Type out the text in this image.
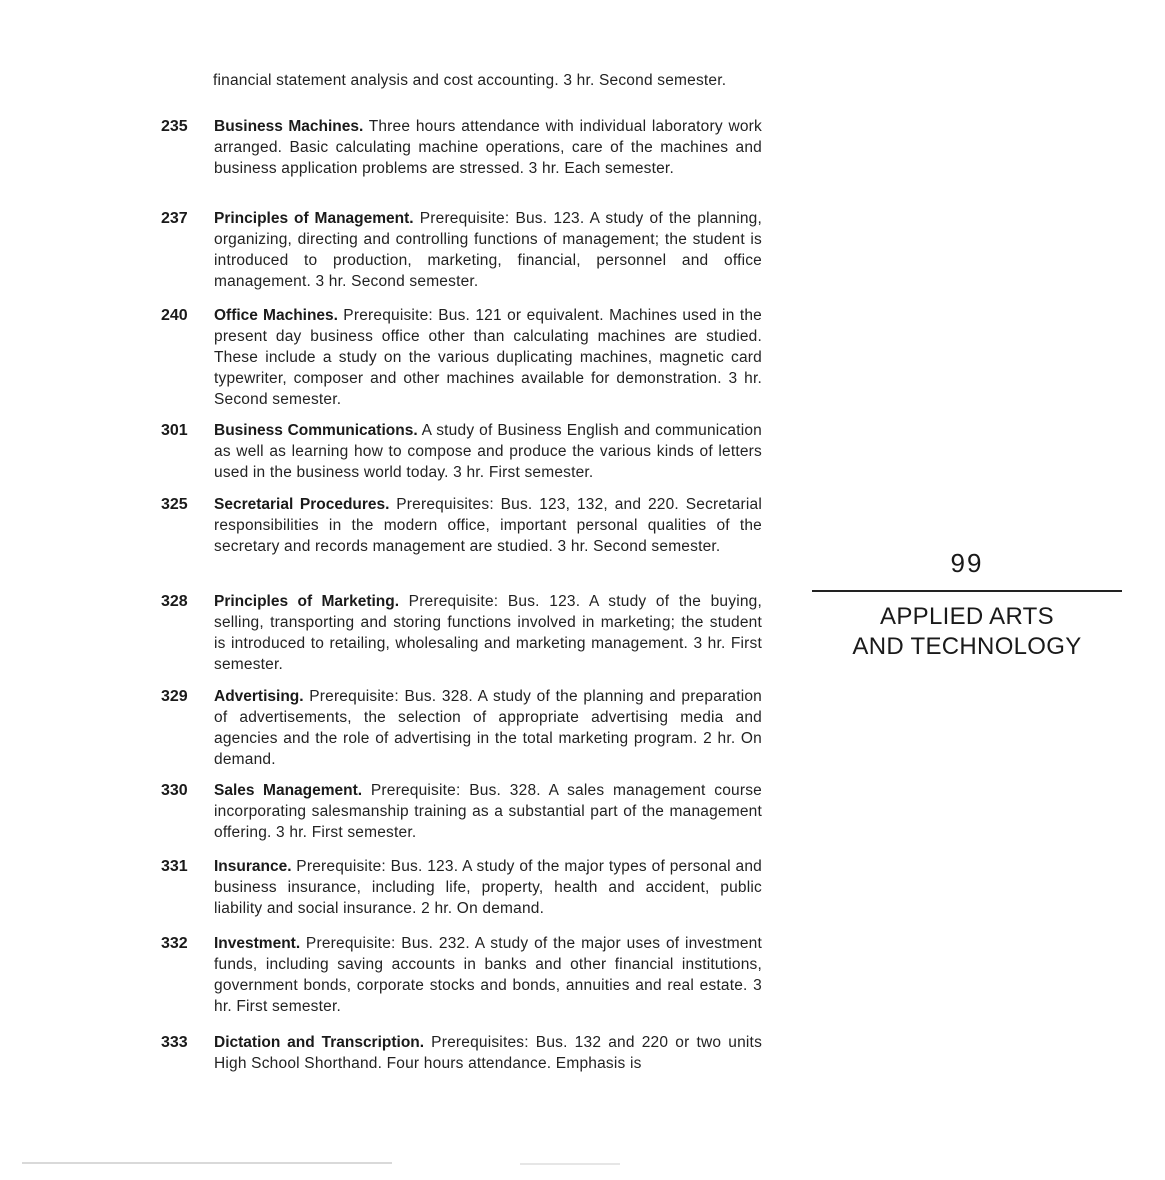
financial statement analysis and cost accounting. 3 hr. Second semester.
235	Business Machines. Three hours attendance with individual laboratory work arranged. Basic calculating machine operations, care of the machines and business application problems are stressed. 3 hr. Each semester.
237	Principles of Management. Prerequisite: Bus. 123. A study of the planning, organizing, directing and controlling functions of management; the student is introduced to production, marketing, financial, personnel and office management. 3 hr. Second semester.
240	Office Machines. Prerequisite: Bus. 121 or equivalent. Machines used in the present day business office other than calculating machines are studied. These include a study on the various duplicating machines, magnetic card typewriter, composer and other machines available for demonstration. 3 hr. Second semester.
301	Business Communications. A study of Business English and communication as well as learning how to compose and produce the various kinds of letters used in the business world today. 3 hr. First semester.
325	Secretarial Procedures. Prerequisites: Bus. 123, 132, and 220. Secretarial responsibilities in the modern office, important personal qualities of the secretary and records management are studied. 3 hr. Second semester.
328	Principles of Marketing. Prerequisite: Bus. 123. A study of the buying, selling, transporting and storing functions involved in marketing; the student is introduced to retailing, wholesaling and marketing management. 3 hr. First semester.
329	Advertising. Prerequisite: Bus. 328. A study of the planning and preparation of advertisements, the selection of appropriate advertising media and agencies and the role of advertising in the total marketing program. 2 hr. On demand.
330	Sales Management. Prerequisite: Bus. 328. A sales management course incorporating salesmanship training as a substantial part of the management offering. 3 hr. First semester.
331	Insurance. Prerequisite: Bus. 123. A study of the major types of personal and business insurance, including life, property, health and accident, public liability and social insurance. 2 hr. On demand.
332	Investment. Prerequisite: Bus. 232. A study of the major uses of investment funds, including saving accounts in banks and other financial institutions, government bonds, corporate stocks and bonds, annuities and real estate. 3 hr. First semester.
333	Dictation and Transcription. Prerequisites: Bus. 132 and 220 or two units High School Shorthand. Four hours attendance. Emphasis is
99
APPLIED ARTS
AND TECHNOLOGY
